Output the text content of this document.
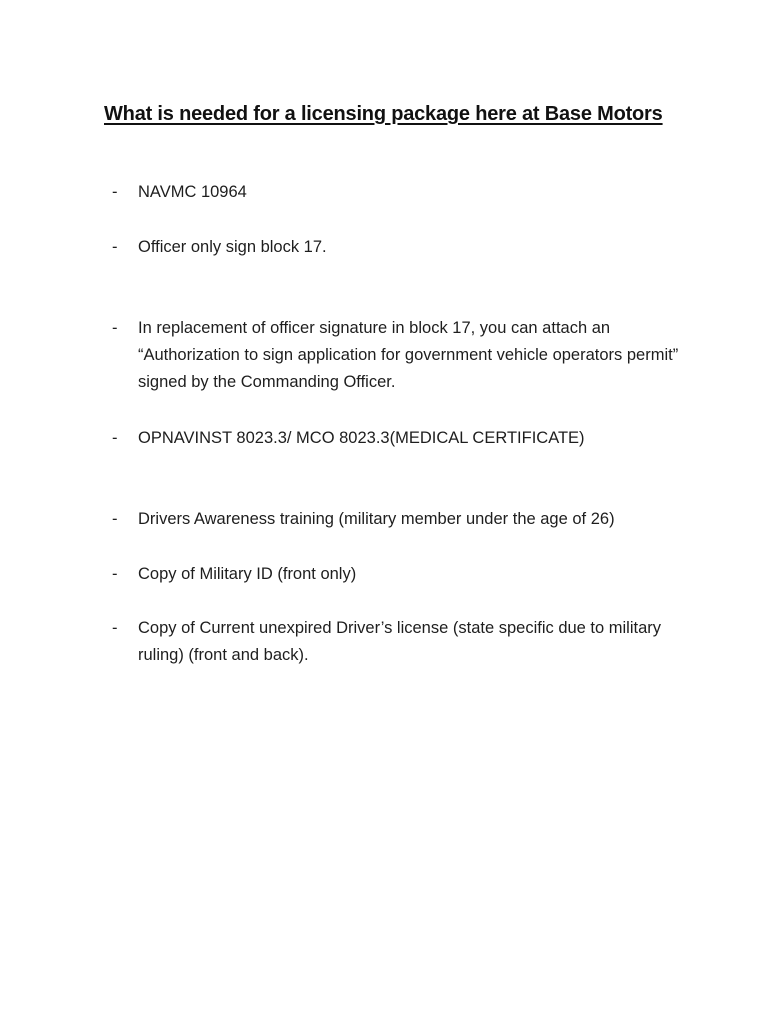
What is needed for a licensing package here at Base Motors
- NAVMC 10964
- Officer only sign block 17.
- In replacement of officer signature in block 17, you can attach an “Authorization to sign application for government vehicle operators permit” signed by the Commanding Officer.
- OPNAVINST 8023.3/ MCO 8023.3(MEDICAL CERTIFICATE)
- Drivers Awareness training (military member under the age of 26)
- Copy of Military ID (front only)
- Copy of Current unexpired Driver’s license (state specific due to military ruling) (front and back).
